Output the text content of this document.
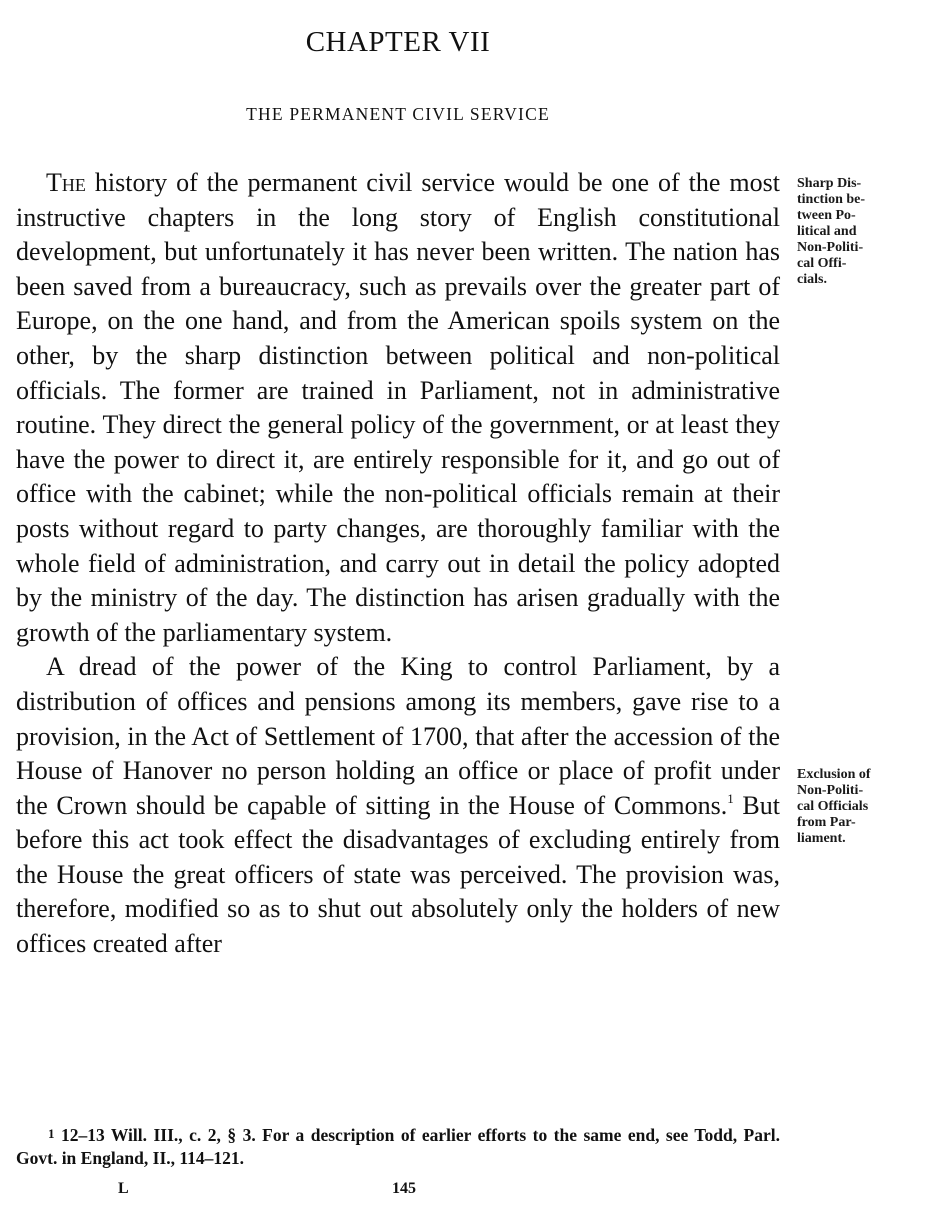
CHAPTER VII
THE PERMANENT CIVIL SERVICE

The history of the permanent civil service would be one of the most instructive chapters in the long story of English constitutional development, but unfortunately it has never been written. The nation has been saved from a bureaucracy, such as prevails over the greater part of Europe, on the one hand, and from the American spoils system on the other, by the sharp distinction between political and non-political officials. The former are trained in Parliament, not in administrative routine. They direct the general policy of the government, or at least they have the power to direct it, are entirely responsible for it, and go out of office with the cabinet; while the non-political officials remain at their posts without regard to party changes, are thoroughly familiar with the whole field of administration, and carry out in detail the policy adopted by the ministry of the day. The distinction has arisen gradually with the growth of the parliamentary system.

A dread of the power of the King to control Parliament, by a distribution of offices and pensions among its members, gave rise to a provision, in the Act of Settlement of 1700, that after the accession of the House of Hanover no person holding an office or place of profit under the Crown should be capable of sitting in the House of Commons.$^1$ But before this act took effect the disadvantages of excluding entirely from the House the great officers of state was perceived. The provision was, therefore, modified so as to shut out absolutely only the holders of new offices created after

Sharp Dis-
tinction be-
tween Po-
litical and
Non-Politi-
cal Offi-
cials.
Exclusion of
Non-Politi-
cal Officials
from Par-
liament.
$^1$ 12–13 Will. III., c. 2, § 3. For a description of earlier efforts to the same end, see Todd, Parl. Govt. in England, II., 114–121.
L	145
